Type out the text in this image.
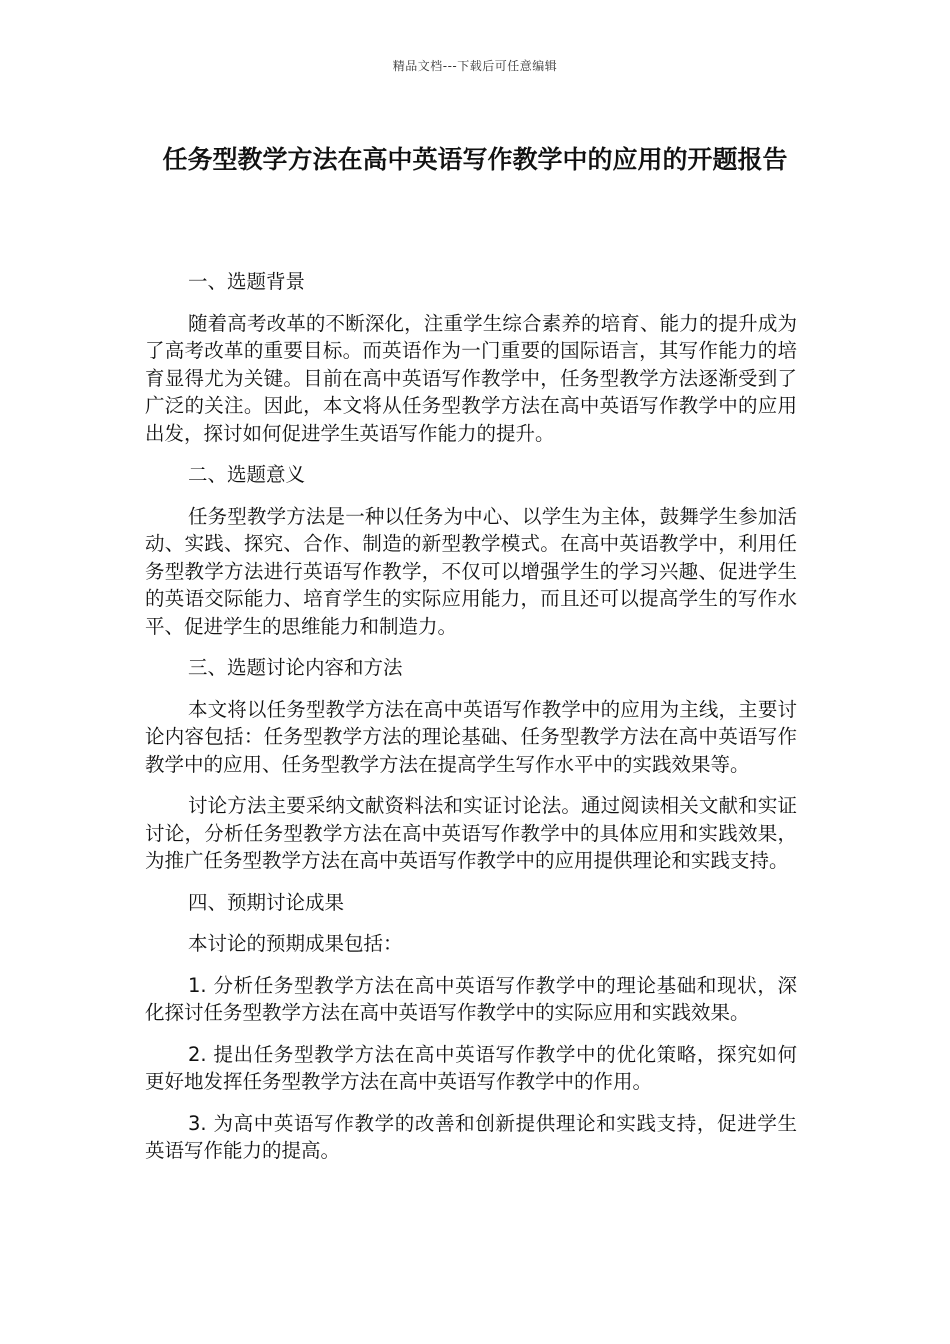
精品文档---下载后可任意编辑
任务型教学方法在高中英语写作教学中的应用的开题报告

一、选题背景

随着高考改革的不断深化，注重学生综合素养的培育、能力的提升成为了高考改革的重要目标。而英语作为一门重要的国际语言，其写作能力的培育显得尤为关键。目前在高中英语写作教学中，任务型教学方法逐渐受到了广泛的关注。因此，本文将从任务型教学方法在高中英语写作教学中的应用出发，探讨如何促进学生英语写作能力的提升。

二、选题意义

任务型教学方法是一种以任务为中心、以学生为主体，鼓舞学生参加活动、实践、探究、合作、制造的新型教学模式。在高中英语教学中，利用任务型教学方法进行英语写作教学，不仅可以增强学生的学习兴趣、促进学生的英语交际能力、培育学生的实际应用能力，而且还可以提高学生的写作水平、促进学生的思维能力和制造力。

三、选题讨论内容和方法

本文将以任务型教学方法在高中英语写作教学中的应用为主线，主要讨论内容包括：任务型教学方法的理论基础、任务型教学方法在高中英语写作教学中的应用、任务型教学方法在提高学生写作水平中的实践效果等。

讨论方法主要采纳文献资料法和实证讨论法。通过阅读相关文献和实证讨论，分析任务型教学方法在高中英语写作教学中的具体应用和实践效果，为推广任务型教学方法在高中英语写作教学中的应用提供理论和实践支持。

四、预期讨论成果

本讨论的预期成果包括：

1. 分析任务型教学方法在高中英语写作教学中的理论基础和现状，深化探讨任务型教学方法在高中英语写作教学中的实际应用和实践效果。

2. 提出任务型教学方法在高中英语写作教学中的优化策略，探究如何更好地发挥任务型教学方法在高中英语写作教学中的作用。

3. 为高中英语写作教学的改善和创新提供理论和实践支持，促进学生英语写作能力的提高。
